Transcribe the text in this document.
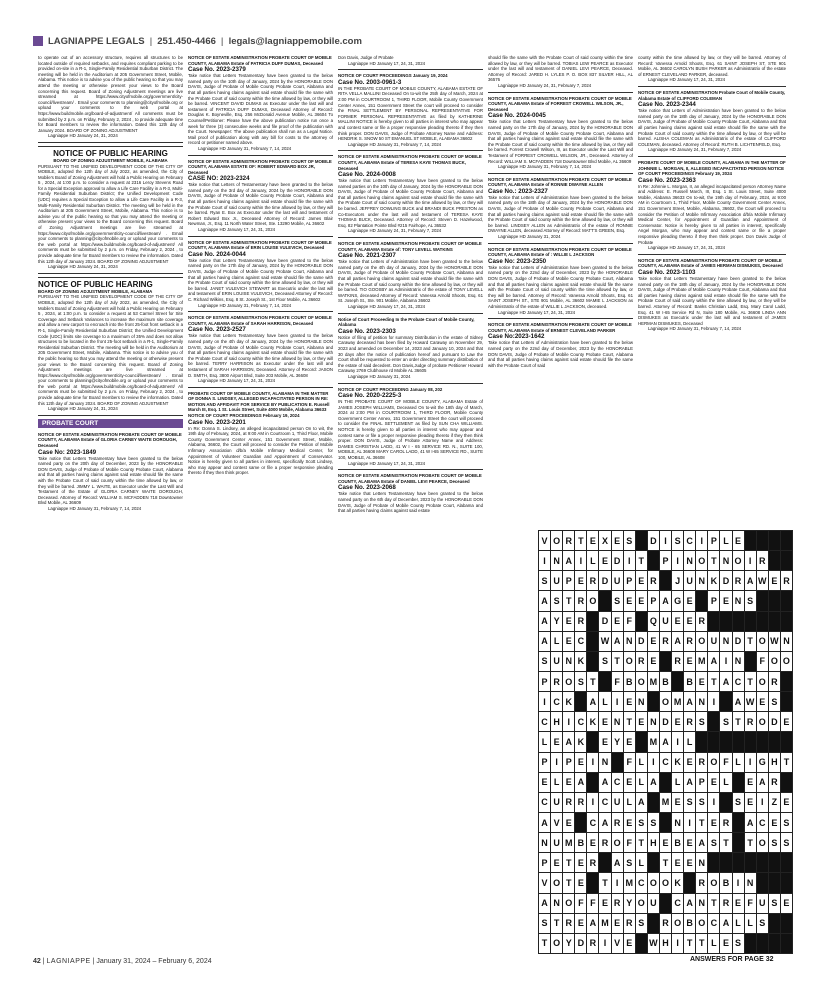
LAGNIAPPE LEGALS | 251.450-4466 | legals@lagniappemobile.com
to operate out of an accessory structure, requires all structures to be located outside of required setbacks, and requires compliant parking to be provided on-site in a R-1, Single-Family Residential Suburban District. The meeting will be held in the Auditorium at 205 Government Street, Mobile, Alabama. This notice is to advise you of the public hearing so that you may attend the meeting or otherwise present your views to the Board concerning this request. Board of Zoning Adjustment meetings are live streamed at https://www.cityofmobile.org/government/city-council/livestream/ . Email your comments to planning@cityofmobile.org or upload your comments to the web portal at https://www.buildmobile.org/board-of-adjustment/ All comments must be submitted by 2 p.m. on Friday, February 2, 2024 , to provide adequate time for Board members to review the information. Dated this 12th day of January 2024. BOARD OF ZONING ADJUSTMENT
Lagniappe HD January 24, 31, 2024
NOTICE OF PUBLIC HEARING
BOARD OF ZONING ADJUSTMENT MOBILE, ALABAMA
PURSUANT TO THE UNIFIED DEVELOPMENT CODE OF THE CITY OF MOBILE, adopted the 12th day of July 2022, as amended, the City of Mobile's Board of Zoning Adjustment will hold a Public Hearing on February 5 , 2024, at 1:00 p.m. to consider a request at 2316 Leroy Stevens Road for a Special Exception approval to allow a Life Care Facility in a R-3, Multi-Family Residential Suburban District; the Unified Development Code (UDC) requires a Special Exception to allow a Life Care Facility in a R-3, Multi-Family Residential Suburban District. The meeting will be held in the Auditorium at 205 Government Street, Mobile, Alabama. This notice is to advise you of the public hearing so that you may attend the meeting or otherwise present your views to the Board concerning this request. Board of Zoning Adjustment meetings are live streamed at https://www.cityofmobile.org/government/city-council/livestream/ . Email your comments to planning@cityofmobile.org or upload your comments to the web portal at https://www.buildmobile.org/board-of-adjustment/ All comments must be submitted by 2 p.m. on Friday, February 2, 2024 , to provide adequate time for Board members to review the information. Dated this 12th day of January 2024. BOARD OF ZONING ADJUSTMENT
Lagniappe HD January 24, 31, 2024
NOTICE OF PUBLIC HEARING
BOARD OF ZONING ADJUSTMENT MOBILE, ALABAMA
PURSUANT TO THE UNIFIED DEVELOPMENT CODE OF THE CITY OF MOBILE, adopted the 12th day of July 2022, as amended, the City of Mobile's Board of Zoning Adjustment will hold a Public Hearing on February 5 , 2024, at 1:00 p.m. to consider a request at 53 Carmel Street for Site Coverage and Setback Variances to increase the maximum site coverage and allow a new carport to encroach into the front 25-foot front setback in a R-1, Single-Family Residential Suburban District; the Unified Development Code (UDC) limits site coverage to a maximum of 35% and does not allow structures to be located in the front 25-foot setback in a R-1, Single-Family Residential Suburban District. The meeting will be held in the Auditorium at 205 Government Street, Mobile, Alabama. This notice is to advise you of the public hearing so that you may attend the meeting or otherwise present your views to the Board concerning this request. Board of Zoning Adjustment meetings are live streamed at https://www.cityofmobile.org/government/city-council/livestream/ . Email your comments to planning@cityofmobile.org or upload your comments to the web portal at https://www.buildmobile.org/board-of-adjustment/ All comments must be submitted by 2 p.m. on Friday, February 2, 2024 , to provide adequate time for Board members to review the information. Dated this 12th day of January 2024. BOARD OF ZONING ADJUSTMENT
Lagniappe HD January 24, 31, 2024
PROBATE COURT
NOTICE OF ESTATE ADMINISTRATION PROBATE COURT OF MOBILE COUNTY, ALABAMA Estate of GLORIA CARNEY WAITE DOROUGH, Deceased
Case No: 2023-1849
Take notice that Letters Testamentary have been granted to the below named party on the 20th day of December, 2023 by the HONORABLE DON DAVIS, Judge of Probate of Mobile County Probate Court, Alabama and that all parties having claims against said estate should file the same with the Probate Court of said county within the time allowed by law, or they will be barred. JIMMY L. WAITE, as Executor under the Last Will and Testament of the Estate of GLORIA CARNEY WAITE DOROUGH, Deceased. Attorney of Record: WILLIAM S. MCFADDEN 718 Downtowner Blvd Mobile, AL 36609
Lagniappe HD January 31, February 7, 14, 2024
NOTICE OF ESTATE ADMINISTRATION PROBATE COURT OF MOBILE COUNTY, ALABAMA Estate of PATRICIA DUFF DUMAS, Deceased
Case No. 2023-2379
Take notice that Letters Testamentary have been granted to the below named party on the 10th day of January, 2024 by the HONORABLE DON DAVIS, Judge of Probate of Mobile County Probate Court, Alabama and that all parties having claims against said estate should file the same with the Probate Court of said county within the time allowed by law, or they will be barred. VINCENT DAVID DUMAS as Executor under the last will and testament of PATRICIA DUFF DUMAS, Deceased Attorney of Record: Douglas K. Boyneville, Esq. 256 McDonald Avenue Mobile, AL 36604 To Counsel/Petitioner: Please have the above publication notice run once a week for three (3) consecutive weeks and file proof of the publication with the Court. Newspaper: The above publication shall run as a Legal Notice. Mail proof of publication along with any bill for costs to the attorney of record or petitioner named above.
Lagniappe HD January 31, February 7, 14, 2024
NOTICE OF ESTATE ADMINISTRATION PROBATE COURT OF MOBILE COUNTY, ALABAMA ESTATE OF: ROBERT EDWARD BOX JR, Deceased
CASE NO: 2023-2324
Take notice that Letters of Testamentary have been granted to the below named party on the 3rd day of January, 2024 by the HONORABLE DON DAVIS, Judge of Probate of Mobile County Probate Court, Alabama and that all parties having claims against said estate should file the same with the Probate Court of said county within the time allowed by law, or they will be barred. Ryan E. Box as Executor under the last will and testament of Robert Edward Box Jr., Deceased Attorney of Record: James Blair Newman, Jr., Esq. 11 North Water Street, Ste. 13290 Mobile, AL 36602
Lagniappe HD January 17, 24, 31, 2024
NOTICE OF ESTATE ADMINISTRATION PROBATE COURT OF MOBILE COUNTY, ALABAMA Estate of ERIN LOUISE VULEVICH, Deceased
Case No. 2024-0044
Take notice that Letters Testamentary have been granted to the below named party on the 17th day of January, 2024 by the HONORABLE DON DAVIS, Judge of Probate of Mobile County Probate Court, Alabama and that all parties having claims against said estate should file the same with the Probate Court of said county within the time allowed by law, or they will be barred. JANET VULEVICH STEWART as Executrix under the last will and testament of ERIN LOUISE VULEVICH, Deceased Attorney of Record: C. Richard Wilkins, Esq. 8 St. Joseph St., 1st Floor Mobile, AL 36602
Lagniappe HD January 31, February 7, 14, 2024
NOTICE OF ESTATE ADMINISTRATION PROBATE COURT OF MOBILE COUNTY, ALABAMA Estate of SARAH HARRISON, Deceased
Case No. 2023-2527
Take notice that Letters Testamentary have been granted to the below named party on the 4th day of January, 2024 by the HONORABLE DON DAVIS, Judge of Probate of Mobile County Probate Court, Alabama and that all parties having claims against said estate should file the same with the Probate Court of said county within the time allowed by law, or they will be barred. TERRY HARRISON as Executor under the last will and testament of SARAH HARRISON, Deceased. Attorney of Record: JASON D. SMITH, Esq. 3800 Airport Blvd, Suite 203 Mobile, AL 36608
Lagniappe HD January 17, 24, 31, 2024
PROBATE COURT OF MOBILE COUNTY, ALABAMA IN THE MATTER OF DONNA S. LINDSEY, ALLEGED INCAPACITATED PERSON IN RE: MOTION AND AFFIDAVIT FOR SERVICE BY PUBLICATION E. Russell March III, Esq. 1 St. Louis Street, Suite 4000 Mobile, Alabama 36633 NOTICE OF COURT PROCEEDINGS February 19, 2024
Case No. 2023-2201
In Re: Donna S. Lindsey, an alleged incapacitated person On to wit, the 19th day of February, 2024, at 9:00 AM in Courtroom 1, Third Floor, Mobile County Government Center Annex, 151 Government Street, Mobile, Alabama, 36602, the Court will proceed to consider the Petition of Mobile Infirmary Association d/b/a Mobile Infirmary Medical Center, for Appointment of Volunteer Guardian and Appointment of Conservator. Notice is hereby given to all parties in interest, specifically Scott Lindsey, who may appear and contest same or file a proper responsive pleading thereto if they then think proper.
Don Davis, Judge of Probate
Lagniappe HD January 17, 24, 31, 2024
NOTICE OF COURT PROCEEDINGS January 19, 2024
Case No. 2003-0961-3
IN THE PROBATE COURT OF MOBILE COUNTY, ALABAMA ESTATE OF RITA VELLA MALLINI Deceased On to-wit the 25th day of March, 2024 at 2:00 PM in COURTROOM 1, THIRD FLOOR, Mobile County Government Center Annex, 151 Government Street the court will proceed to consider the FINAL SETTLEMENT BY PERSONAL REPRESENTATIVE FOR FORMER PERSONAL REPRESENTATIVE as filed by KATHERINE MALLINI NOTICE is hereby given to all parties in interest who may appear and contest same or file a proper responsive pleading thereto if they then think proper. DON DAVIS, Judge of Probate Attorney Name and Address: HENDRIK S. SNOW 50 ST EMANUEL ST MOBILE, ALABAMA 36602
Lagniappe HD January 31, February 7, 14, 2024
NOTICE OF ESTATE ADMINISTRATION PROBATE COURT OF MOBILE COUNTY, ALABAMA Estate of TERESA KAYE THOMAS BUCK, Deceased
Case No. 2024-0008
Take notice that Letters Testamentary have been granted to the below named parties on the 10th day of January, 2024 by the HONORABLE DON DAVIS, Judge of Probate of Mobile County Probate Court, Alabama and that all parties having claims against said estate should file the same with the Probate Court of said county within the time allowed by law, or they will be barred. JEFFREY DOWLING BUCK and BRANDI BUCK PRESTON as Co-Executors under the last will and testament of TERESA KAYE THOMAS BUCK, Deceased. Attorney of Record: Steven D. Hazelwood, Esq. 82 Plantation Pointe Blvd #215 Fairhope, AL 36532
Lagniappe HD January 24, 31, February 7, 2024
NOTICE OF ESTATE ADMINISTRATION PROBATE COURT OF MOBILE COUNTY, ALABAMA Estate of: TONY LEVELL WATKINS
Case No. 2021-2307
Take notice that Letters of Administration have been granted to the below named party on the 4th day of January, 2024 by the HONORABLE DON DAVIS, Judge of Probate of Mobile County Probate Court, Alabama and that all parties having claims against said estate should file the same with the Probate Court of said county within the time allowed by law, or they will be barred. TIO GOOSBY as Administratrix of the estate of TONY LEVELL WATKINS, deceased Attorney of Record: Vanessa Arnold Shoots, Esq. 61 St. Joseph St., Ste. 901 Mobile, Alabama 36602
Lagniappe HD January 17, 24, 31, 2024
Notice of Court Proceeding In the Probate Court of Mobile County, Alabama
Case No. 2023-2303
Notice of filing of petition for summary Distribution in the estate of Sidney Caraway deceased has been filed by Howard Caraway on November 29, 2023 and amended on December 14, 2023 and January 10, 2024 and that 30 days after the notice of publication hereof and pursuant to Law the Court shall be requested to enter an order directing summary distribution of the estate of said decedent. Don Davis,Judge of probate Petitioner Howard Caraway 2769 Clubhouse rd Mobile AL 36605
Lagniappe HD January 31, 2024
NOTICE OF COURT PROCEEDING January 08, 202
Case No. 2020-2225-3
IN THE PROBATE COURT OF MOBILE COUNTY, ALABAMA Estate of JAMES JOSEPH WILLIAMS, Deceased On to-wit the 18th day of March, 2024 at 2:00 PM in COURTROOM 1, THIRD FLOOR, Mobile County Government Center Annex, 151 Government Street the court will proceed to consider the FINAL SETTLEMENT as filed by SUN CHA WILLIAMS. NOTICE is hereby given to all parties in interest who may appear and contest same or file a proper responsive pleading thereto if they then think proper. DON DAVIS, Judge of Probate Attorney Name and Address: DAMES CHRISTIAN LADD, 41 W I - 65 SERVICE RD. N., SUITE 100, MOBILE, AL 36608 MARY CAROL LADD, 41 W I-65 SERVICE RD., SUITE 100, MOBILE, AL 36608
Lagniappe HD January 17, 24, 31, 2024
NOTICE OF ESTATE ADMINISTRATION PROBATE COURT OF MOBILE COUNTY, ALABAMA Estate of DANIEL LEVI PEARCE, Deceased
Case No. 2023-2068
Take notice that Letters Testamentary have been granted to the below named party on the 6th day of December, 2023 by the HONORABLE DON DAVIS, Judge of Probate of Mobile County Probate Court, Alabama and that all parties having claims against said estate
should file the same with the Probate Court of said county within the time allowed by law, or they will be barred. TOBIAS LEW PEARCE as Executor under the last will and testament of DANIEL LEVI PEARCE, Deceased. Attorney of Record: JARED H. LYLES P. O. BOX 837 SILVER HILL, AL 36576
Lagniappe HD January 24, 31, February 7, 2024
NOTICE OF ESTATE ADMINISTRATION PROBATE COURT OF MOBILE COUNTY, ALABAMA Estate of FORREST CROWELL WILSON, JR., Deceased
Case No. 2024-0045
Take notice that Letters Testamentary have been granted to the below named party on the 17th day of January, 2024 by the HONORABLE DON DAVIS, Judge of Probate of Mobile County Probate Court, Alabama and that all parties having claims against said estate should file the same with the Probate Court of said county within the time allowed by law, or they will be barred. Forrest Crowell Wilson, III, as Executor under the Last Will and Testament of FORREST CROWELL WILSON, JR., Deceased. Attorney of Record: WILLIAM S. MCFADDEN 718 Downtowner Blvd Mobile, AL 36609
Lagniappe HD January 31, February 7, 14, 2024
NOTICE OF ESTATE ADMINISTRATION PROBATE COURT OF MOBILE COUNTY, ALABAMA Estate of RONNIE DWAYNE ALLEN
Case No.: 2023-2327
Take notice that Letters of Administration have been granted to the below named party on the 18th day of January, 2024 by the HONORABLE DON DAVIS, Judge of Probate of Mobile County Probate Court, Alabama and that all parties having claims against said estate should file the same with the Probate Court of said county within the time allowed by law, or they will be barred. LINDSEY ALLEN as Administratrix of the estate of RONNIE DWAYNE ALLEN, deceased Attorney of Record: MATT'S GREEN, Esq.
Lagniappe HD January 31, 2024
NOTICE OF ESTATE ADMINISTRATION PROBATE COURT OF MOBILE COUNTY, ALABAMA Estate of : WILLIE L JACKSON
Case No: 2023-2350
Take notice that Letters of Administration have been granted to the below named party on the 22nd day of December, 2023 by the HONORABLE DON DAVIS, Judge of Probate of Mobile County Probate Court, Alabama and that all parties having claims against said estate should file the same with the Probate Court of said county within the time allowed by law, or they will be barred. Attorney of Record: Vanessa Arnold Shoots, Esq. 61 SAINT JOSEPH ST., STE 901 Mobile, AL 36602 MAMIE L JACKSON as Administratrix of the estate of WILLIE L JACKSON, deceased.
Lagniappe HD January 17, 24, 31, 2024
NOTICE OF ESTATE ADMINISTRATION PROBATE COURT OF MOBILE COUNTY, ALABAMA Estate of ERNEST CLEVELAND PARKER
Case No:2023-1642
Take notice that Letters of Administration have been granted to the below named party on the 22nd day of December, 2023 by the HONORABLE DON DAVIS, Judge of Probate of Mobile County Probate Court, Alabama and that all parties having claims against said estate should file the same with the Probate Court of said
county within the time allowed by law, or they will be barred. Attorney of Record: Vanessa Arnold Shoots, Esq. 61 SAINT JOSEPH ST, STE 901 Mobile, AL 36602 CAROLYN BUSH PARKER as Administratrix of the estate of ERNEST CLEVELAND PARKER, deceased.
Lagniappe HD January 17, 24, 31, 2024
NOTICE OF ESTATE ADMINISTRATION Probate Court of Mobile County, Alabama Estate of CLIFFORD COLEMAN
Case No. 2023-2344
Take notice that Letters of Administration have been granted to the below named party on the 18th day of January, 2024 by the HONORABLE DON DAVIS, Judge of Probate of Mobile County Probate Court, Alabama and that all parties having claims against said estate should file the same with the Probate Court of said county within the time allowed by law, or they will be barred. ALISHA COLEMAN as Administratrix of the estate of CLIFFORD COLEMAN, deceased. Attorney of Record: RUTH B. LICHTENFELD, Esq.
Lagniappe HD January 24, 31, February 7, 2024
PROBATE COURT OF MOBILE COUNTY, ALABAMA IN THE MATTER OF JOHNNIE L. MORGAN, II, ALLEGED INCAPACITATED PERSON NOTICE OF COURT PROCEEDINGS February 19, 2024
Case No. 2023-2363
In Re: Johnnie L. Morgan, II, an alleged incapacitated person Attorney Name and Address: E. Russell March, III, Esq. 1 St. Louis Street, Suite 4000 Mobile, Alabama 36633 On to-wit, the 19th day of February, 2024, at 9:00 AM in Courtroom 1, Third Floor, Mobile County Government Center Annex, 151 Government Street, Mobile, Alabama, 36602, the Court will proceed to consider the Petition of Mobile Infirmary Association d/b/a Mobile Infirmary Medical Center, for Appointment of Guardian and Appointment of Conservator. Notice is hereby given to all parties in interest, specifically Angel Morgan, who may appear and contest same or file a proper responsive pleading thereto if they then think proper. Don Davis Judge of Probate
Lagniappe HD January 17, 24, 31, 2024
NOTICE OF ESTATE ADMINISTRATION PROBATE COURT OF MOBILE COUNTY, ALABAMA Estate of JAMES HERMAN DISMUKES, Deceased
Case No. 2023-1103
Take notice that Letters Testamentary have been granted to the below named party on the 18th day of January, 2024 by the HONORABLE DON DAVIS, Judge of Probate of Mobile County Probate Court, Alabama and that all parties having claims against said estate should file the same with the Probate Court of said county within the time allowed by law, or they will be barred. Attorney of Record: Banks Christian Ladd, Esq. Mary Carol Ladd, Esq. 41 W I-65 Service Rd N, Suite 180 Mobile, AL 36608 LINDA ANN DISMUKES as Executrix under the last will and testament of JAMES HERMAN DISMUKES, Deceased
Lagniappe HD January 31, February 7, 14, 2024
V	O	R	T	E	X	E	S		D	I	S	C	I	P	L	E				
I	N	A	I	L	E	D	I	T		P	I	N	O	T	N	O	I	R		
S	U	P	E	R	D	U	P	E	R		J	U	N	K	D	R	A	W	E	R
A	S	T	R	O		S	E	E	P	A	G	E		P	E	N	S			
A	Y	E	R		D	E	F		Q	U	E	E	R							
A	L	E	C		W	A	N	D	E	R	A	R	O	U	N	D	T	O	W	N
S	U	N	K		S	T	O	R	E		R	E	M	A	I	N		F	O	O
P	R	O	S	T		F	B	O	M	B		B	E	T	A	C	T	O	R	
I	C	K		A	L	I	E	N		O	M	A	N	I		A	W	E	S	
C	H	I	C	K	E	N	T	E	N	D	E	R	S		S	T	R	O	D	E
L	E	A	K		E	Y	E		M	A	I	L								
P	I	P	E	I	N		F	L	I	C	K	E	R	O	F	L	I	G	H	T
E	L	E	A		A	C	E	L	A		L	A	P	E	L		E	A	R	
C	U	R	R	I	C	U	L	A		M	E	S	S	I		S	E	I	Z	E
A	V	E		C	A	R	E	S	S		N	I	T	E	R		A	C	E	S
N	U	M	B	E	R	O	F	T	H	E	B	E	A	S	T		T	O	S	S
P	E	T	E	R		A	S	L		T	E	E	N							
V	O	T	E		T	I	M	C	O	O	K		R	O	B	I	N			
A	N	O	F	F	E	R	Y	O	U		C	A	N	T	R	E	F	U	S	E
S	T	R	E	A	M	E	R	S		R	O	B	O	C	A	L	L	S		
T	O	Y	D	R	I	V	E		W	H	I	T	T	L	E	S				
ANSWERS FOR PAGE 32
42 | LAGNIAPPE | January 31, 2024 – February 6, 2024
